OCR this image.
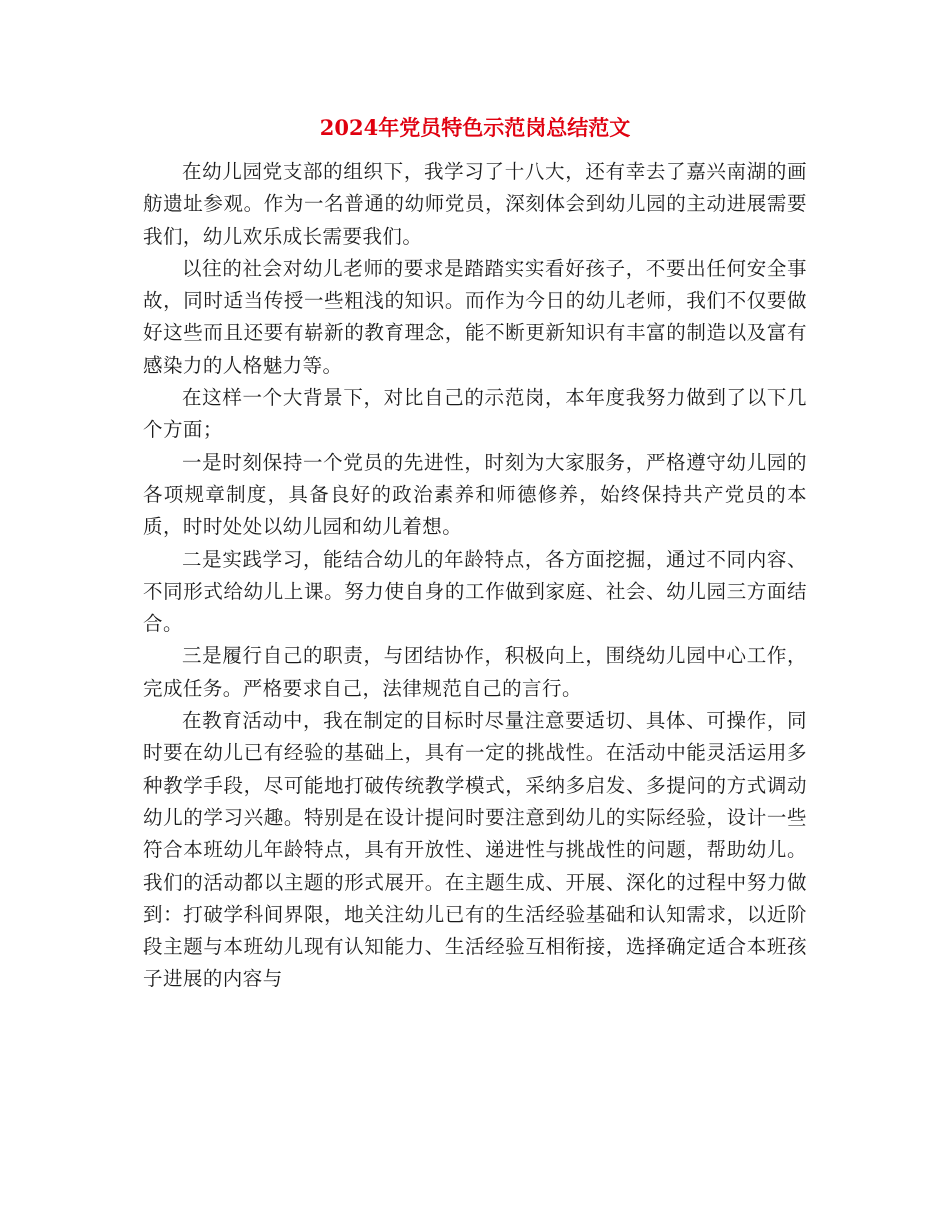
2024年党员特色示范岗总结范文

在幼儿园党支部的组织下，我学习了十八大，还有幸去了嘉兴南湖的画舫遗址参观。作为一名普通的幼师党员，深刻体会到幼儿园的主动进展需要我们，幼儿欢乐成长需要我们。

以往的社会对幼儿老师的要求是踏踏实实看好孩子，不要出任何安全事故，同时适当传授一些粗浅的知识。而作为今日的幼儿老师，我们不仅要做好这些而且还要有崭新的教育理念，能不断更新知识有丰富的制造以及富有感染力的人格魅力等。

在这样一个大背景下，对比自己的示范岗，本年度我努力做到了以下几个方面；

一是时刻保持一个党员的先进性，时刻为大家服务，严格遵守幼儿园的各项规章制度，具备良好的政治素养和师德修养，始终保持共产党员的本质，时时处处以幼儿园和幼儿着想。

二是实践学习，能结合幼儿的年龄特点，各方面挖掘，通过不同内容、不同形式给幼儿上课。努力使自身的工作做到家庭、社会、幼儿园三方面结合。

三是履行自己的职责，与团结协作，积极向上，围绕幼儿园中心工作，完成任务。严格要求自己，法律规范自己的言行。

在教育活动中，我在制定的目标时尽量注意要适切、具体、可操作，同时要在幼儿已有经验的基础上，具有一定的挑战性。在活动中能灵活运用多种教学手段，尽可能地打破传统教学模式，采纳多启发、多提问的方式调动幼儿的学习兴趣。特别是在设计提问时要注意到幼儿的实际经验，设计一些符合本班幼儿年龄特点，具有开放性、递进性与挑战性的问题，帮助幼儿。我们的活动都以主题的形式展开。在主题生成、开展、深化的过程中努力做到：打破学科间界限，地关注幼儿已有的生活经验基础和认知需求，以近阶段主题与本班幼儿现有认知能力、生活经验互相衔接，选择确定适合本班孩子进展的内容与
